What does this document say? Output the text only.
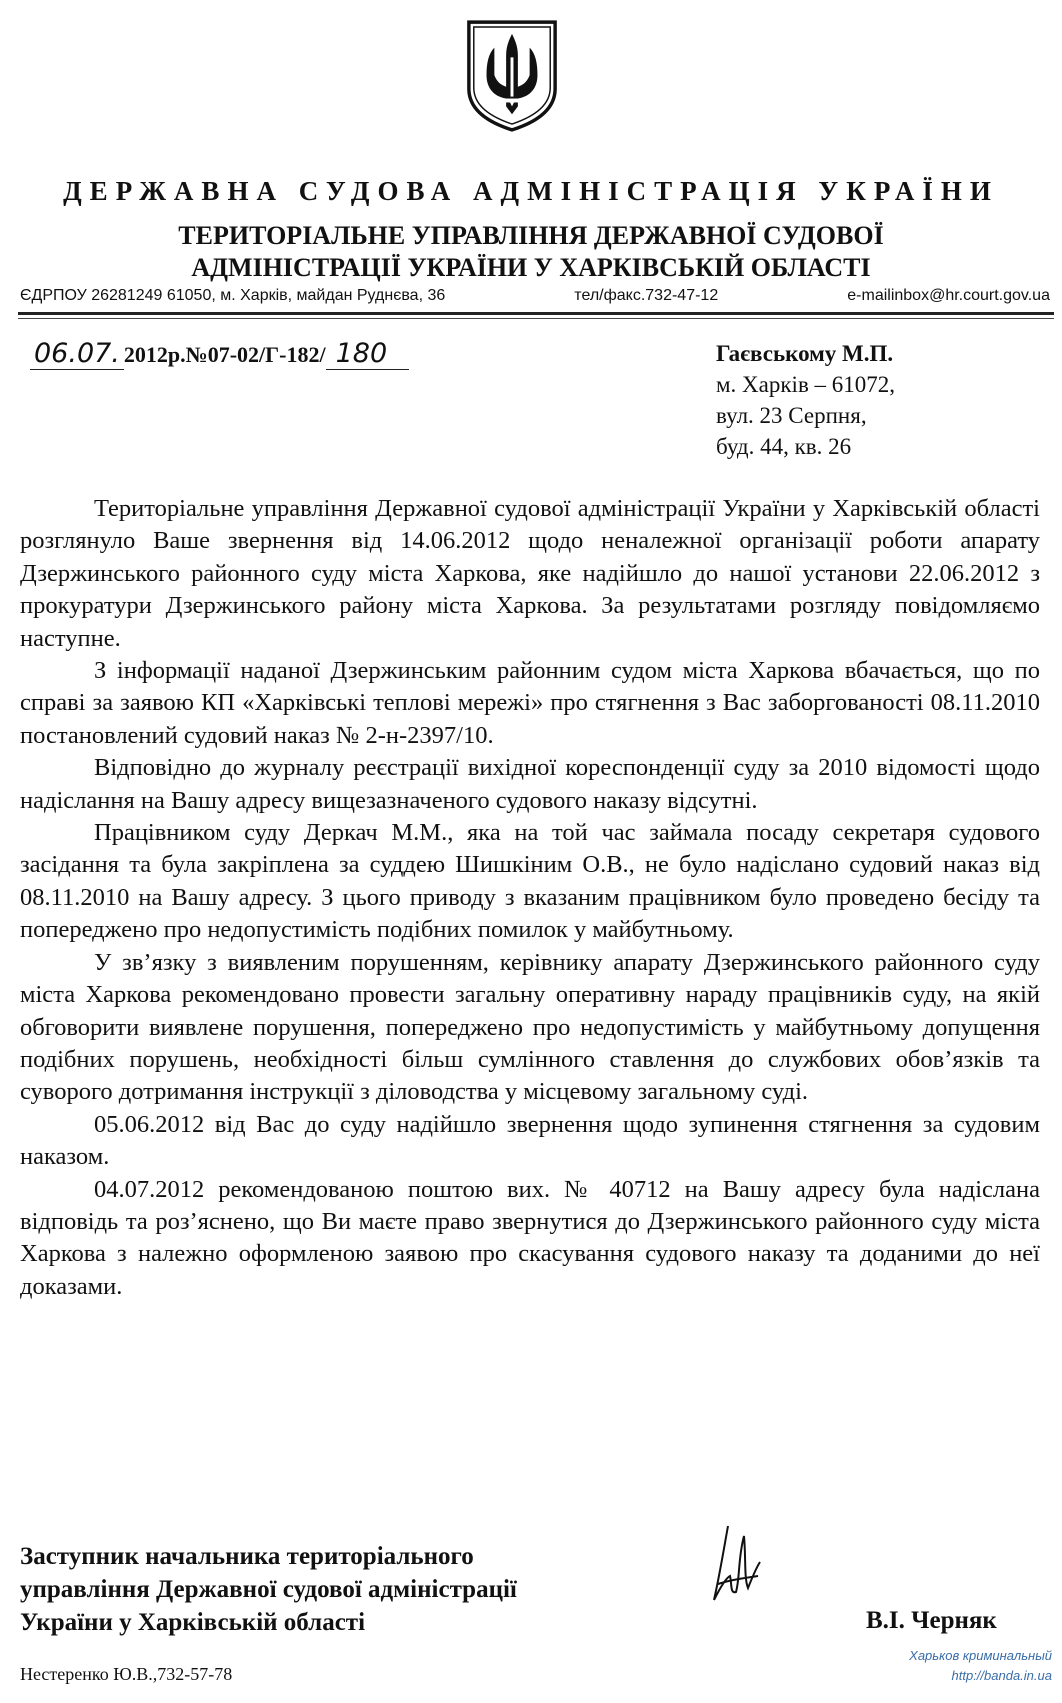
ДЕРЖАВНА СУДОВА АДМІНІСТРАЦІЯ УКРАЇНИ
ТЕРИТОРІАЛЬНЕ УПРАВЛІННЯ ДЕРЖАВНОЇ СУДОВОЇ
АДМІНІСТРАЦІЇ УКРАЇНИ У ХАРКІВСЬКІЙ ОБЛАСТІ
ЄДРПОУ 26281249 61050, м. Харків, майдан Руднєва, 36	тел/факс.732-47-12	e-mailinbox@hr.court.gov.ua
06.07. 2012р.№07-02/Г-182/ 180	Гаєвському М.П.
м. Харків – 61072,
вул. 23 Серпня,
буд. 44, кв. 26

Територіальне управління Державної судової адміністрації України у Харківській області розглянуло Ваше звернення від 14.06.2012 щодо неналежної організації роботи апарату Дзержинського районного суду міста Харкова, яке надійшло до нашої установи 22.06.2012 з прокуратури Дзержинського району міста Харкова. За результатами розгляду повідомляємо наступне.

З інформації наданої Дзержинським районним судом міста Харкова вбачається, що по справі за заявою КП «Харківські теплові мережі» про стягнення з Вас заборгованості 08.11.2010 постановлений судовий наказ № 2-н-2397/10.

Відповідно до журналу реєстрації вихідної кореспонденції суду за 2010 відомості щодо надіслання на Вашу адресу вищезазначеного судового наказу відсутні.

Працівником суду Деркач М.М., яка на той час займала посаду секретаря судового засідання та була закріплена за суддею Шишкіним О.В., не було надіслано судовий наказ від 08.11.2010 на Вашу адресу. З цього приводу з вказаним працівником було проведено бесіду та попереджено про недопустимість подібних помилок у майбутньому.

У зв’язку з виявленим порушенням, керівнику апарату Дзержинського районного суду міста Харкова рекомендовано провести загальну оперативну нараду працівників суду, на якій обговорити виявлене порушення, попереджено про недопустимість у майбутньому допущення подібних порушень, необхідності більш сумлінного ставлення до службових обов’язків та суворого дотримання інструкції з діловодства у місцевому загальному суді.

05.06.2012 від Вас до суду надійшло звернення щодо зупинення стягнення за судовим наказом.

04.07.2012 рекомендованою поштою вих. № 40712 на Вашу адресу була надіслана відповідь та роз’яснено, що Ви маєте право звернутися до Дзержинського районного суду міста Харкова з належно оформленою заявою про скасування судового наказу та доданими до неї доказами.

Заступник начальника територіального
управління Державної судової адміністрації
України у Харківській області	В.І. Черняк
Нестеренко Ю.В.,732-57-78
Харьков криминальный
http://banda.in.ua
